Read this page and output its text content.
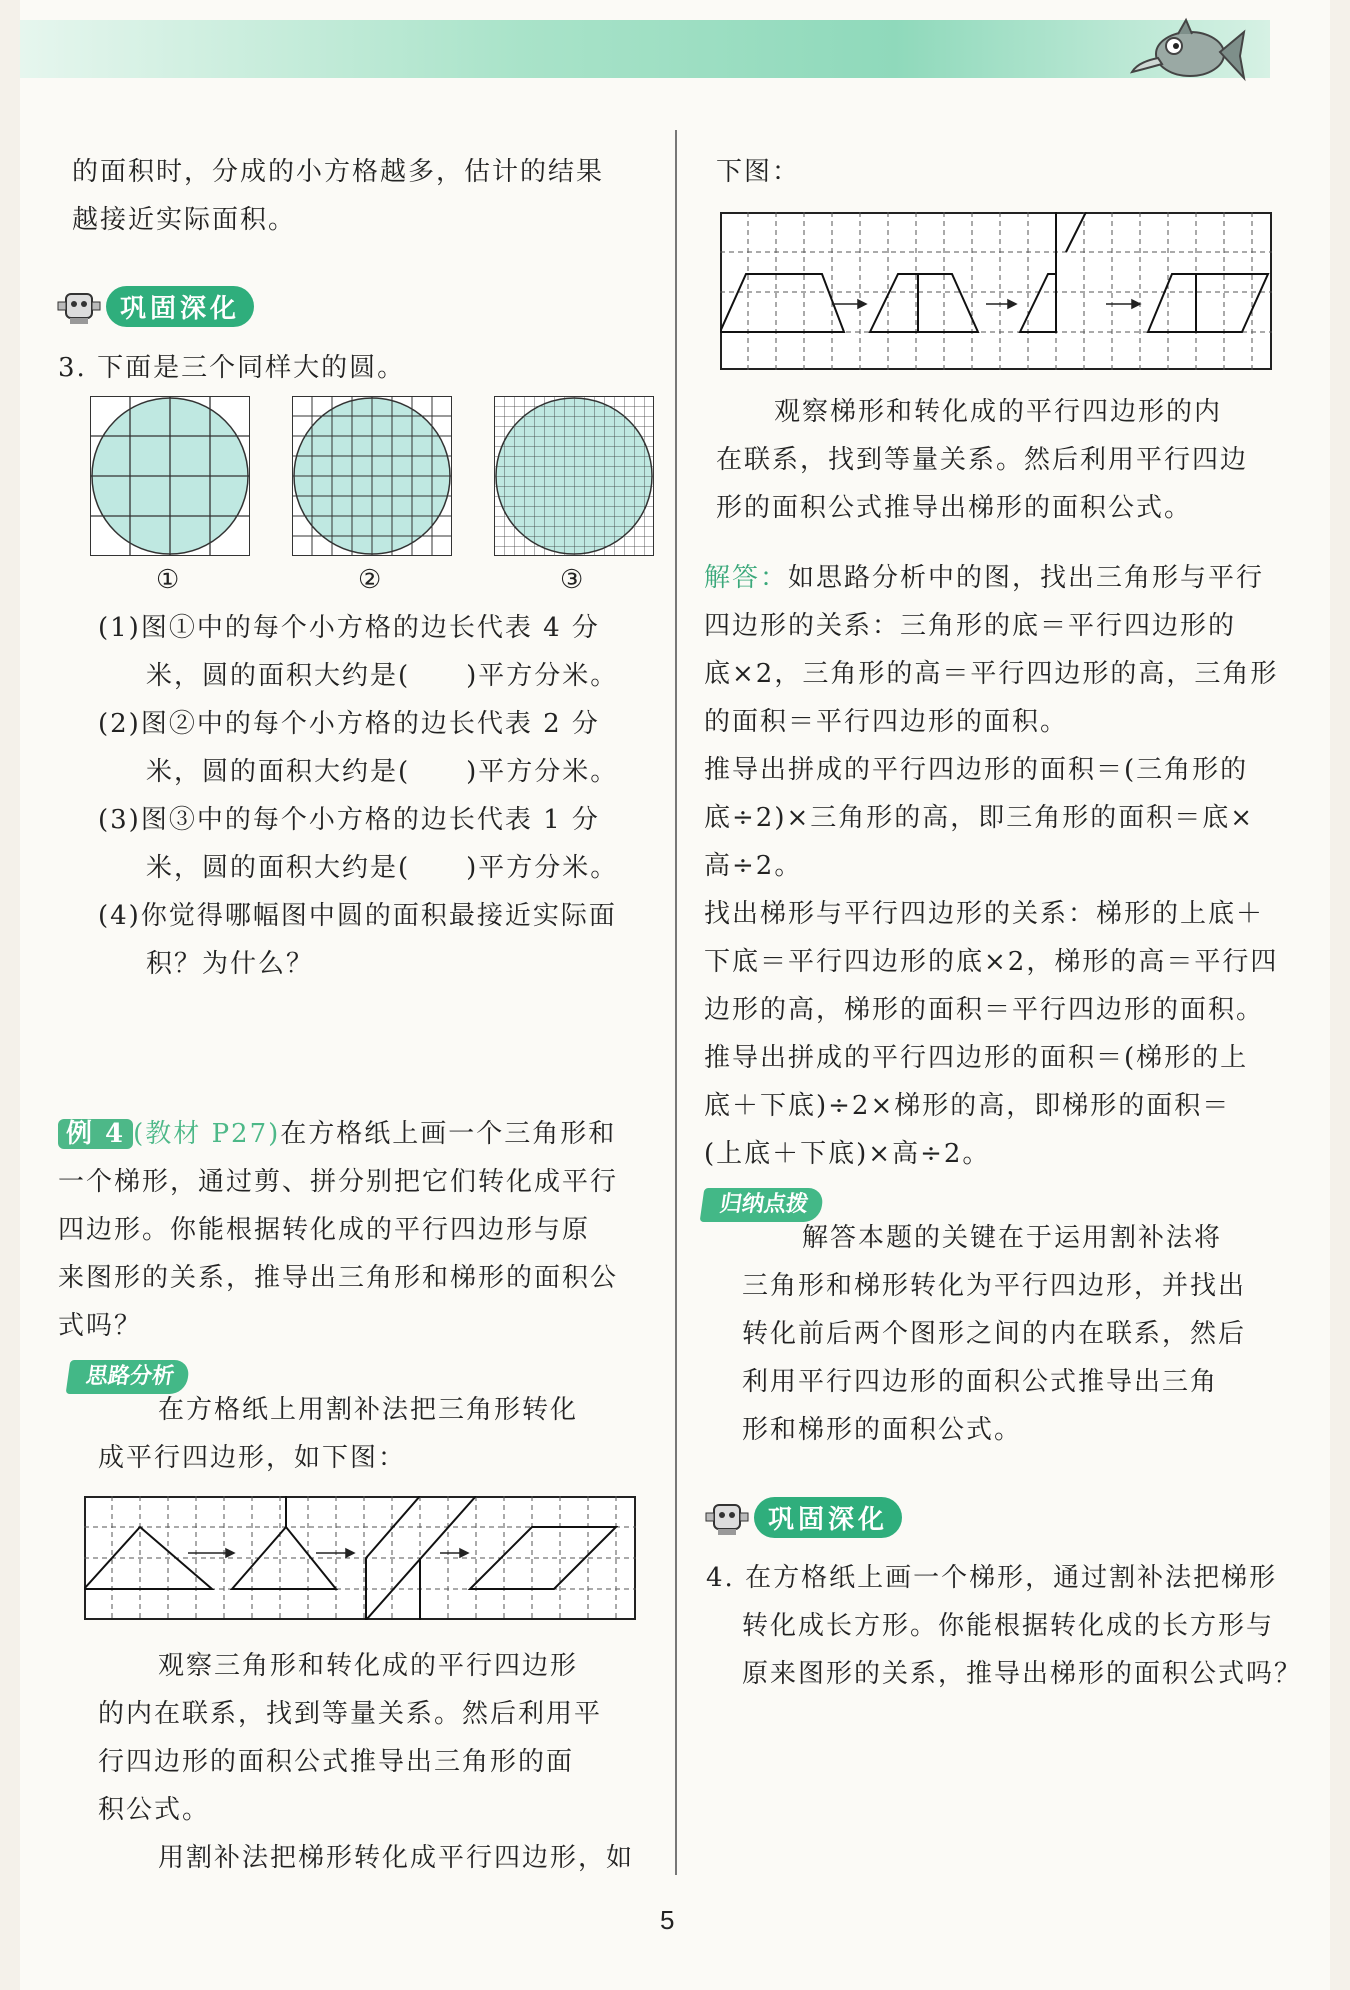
的面积时，分成的小方格越多，估计的结果
越接近实际面积。
巩固深化
3. 下面是三个同样大的圆。
①	②	③
(1)图①中的每个小方格的边长代表 4 分
米，圆的面积大约是(　　)平方分米。
(2)图②中的每个小方格的边长代表 2 分
米，圆的面积大约是(　　)平方分米。
(3)图③中的每个小方格的边长代表 1 分
米，圆的面积大约是(　　)平方分米。
(4)你觉得哪幅图中圆的面积最接近实际面
积？为什么？
例 4 (教材 P27)在方格纸上画一个三角形和
一个梯形，通过剪、拼分别把它们转化成平行
四边形。你能根据转化成的平行四边形与原
来图形的关系，推导出三角形和梯形的面积公
式吗？
思路分析
在方格纸上用割补法把三角形转化
成平行四边形，如下图：
观察三角形和转化成的平行四边形
的内在联系，找到等量关系。然后利用平
行四边形的面积公式推导出三角形的面
积公式。
用割补法把梯形转化成平行四边形，如
下图：
观察梯形和转化成的平行四边形的内
在联系，找到等量关系。然后利用平行四边
形的面积公式推导出梯形的面积公式。
解答：如思路分析中的图，找出三角形与平行
四边形的关系：三角形的底＝平行四边形的
底×2，三角形的高＝平行四边形的高，三角形
的面积＝平行四边形的面积。
推导出拼成的平行四边形的面积＝(三角形的
底÷2)×三角形的高，即三角形的面积＝底×
高÷2。
找出梯形与平行四边形的关系：梯形的上底＋
下底＝平行四边形的底×2，梯形的高＝平行四
边形的高，梯形的面积＝平行四边形的面积。
推导出拼成的平行四边形的面积＝(梯形的上
底＋下底)÷2×梯形的高，即梯形的面积＝
(上底＋下底)×高÷2。
归纳点拨
解答本题的关键在于运用割补法将
三角形和梯形转化为平行四边形，并找出
转化前后两个图形之间的内在联系，然后
利用平行四边形的面积公式推导出三角
形和梯形的面积公式。
巩固深化
4. 在方格纸上画一个梯形，通过割补法把梯形
转化成长方形。你能根据转化成的长方形与
原来图形的关系，推导出梯形的面积公式吗？
5
